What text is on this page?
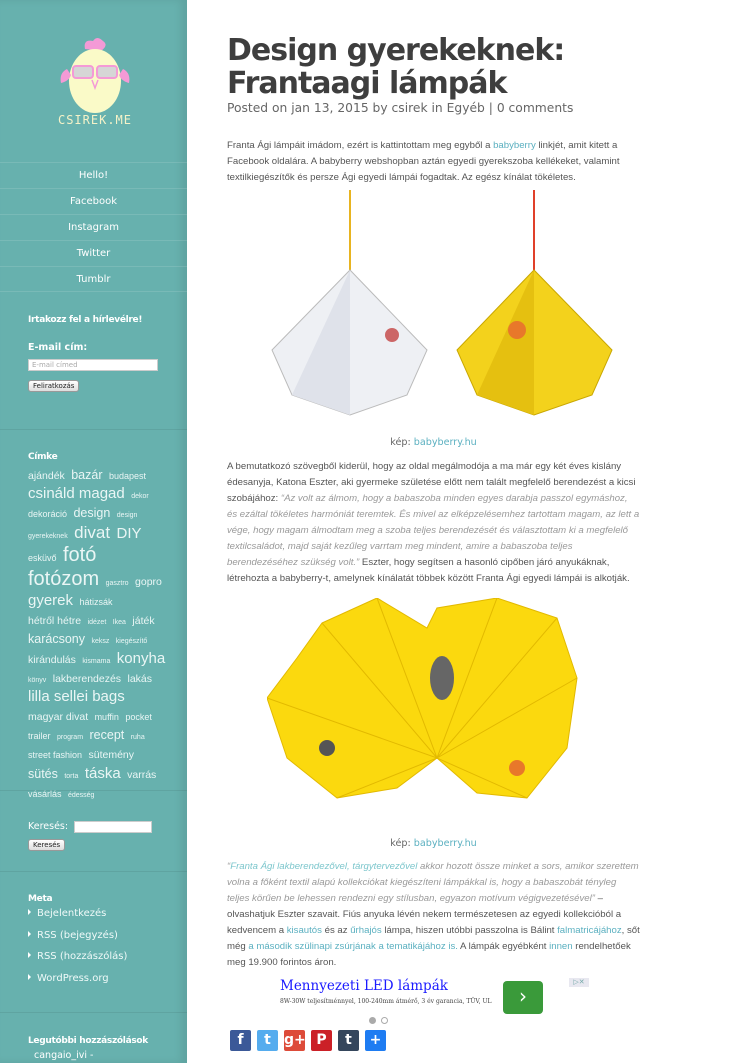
CSIREK.ME
Hello!
Facebook
Instagram
Twitter
Tumblr
Irtakozz fel a hírlevélre!
E-mail cím:
E-mail címed
Feliratkozás
Címke
ajándék bazár budapest csináld magad dekor dekoráció design design gyerekeknek divat DIY esküvő fotó fotózom gasztro gopro gyerek hátizsák hétről hétre idézet Ikea játék karácsony keksz kiegészítő kirándulás kismama konyha könyv lakberendezés lakás lilla sellei bags magyar divat muffin pocket trailer program recept ruha street fashion sütemény sütés torta táska varrás vásárlás édesség
Keresés:
Keresés
Meta
Bejelentkezés
RSS (bejegyzés)
RSS (hozzászólás)
WordPress.org
Legutóbbi hozzászólások
cangaio_ivi -
Design gyerekeknek: Frantaagi lámpák
Posted on jan 13, 2015 by csirek in Egyéb | 0 comments
Franta Ági lámpáit imádom, ezért is kattintottam meg egyből a babyberry linkjét, amit kitett a Facebook oldalára. A babyberry webshopban aztán egyedi gyerekszoba kellékeket, valamint textilkiegészítők és persze Ági egyedi lámpái fogadtak. Az egész kínálat tökéletes.
kép: babyberry.hu
A bemutatkozó szövegből kiderül, hogy az oldal megálmodója a ma már egy két éves kislány édesanyja, Katona Eszter, aki gyermeke születése előtt nem talált megfelelő berendezést a kicsi szobájához: “Az volt az álmom, hogy a babaszoba minden egyes darabja passzol egymáshoz, és ezáltal tökéletes harmóniát teremtek. És mivel az elképzelésemhez tartottam magam, az lett a vége, hogy magam álmodtam meg a szoba teljes berendezését és választottam ki a megfelelő textilcsaládot, majd saját kezűleg varrtam meg mindent, amire a babaszoba teljes berendezéséhez szükség volt.” Eszter, hogy segítsen a hasonló cipőben járó anyukáknak, létrehozta a babyberry-t, amelynek kínálatát többek között Franta Ági egyedi lámpái is alkotják.
kép: babyberry.hu
“Franta Ági lakberendezővel, tárgytervezővel akkor hozott össze minket a sors, amikor szerettem volna a főként textil alapú kollekciókat kiegészíteni lámpákkal is, hogy a babaszobát tényleg teljes körűen be lehessen rendezni egy stílusban, egyazon motívum végigvezetésével” – olvashatjuk Eszter szavait. Fiús anyuka lévén nekem természetesen az egyedi kollekcióból a kedvencem a kisautós és az űrhajós lámpa, hiszen utóbbi passzolna is Bálint falmatricájához, sőt még a második szülinapi zsúrjának a tematikájához is. A lámpák egyébként innen rendelhetőek meg 19.900 forintos áron.
Mennyezeti LED lámpák
8W-30W teljesítménnyel, 100-240mm átmérő, 3 év garancia, TÜV, UL	›
▷✕
f	t g+ P	t	+
